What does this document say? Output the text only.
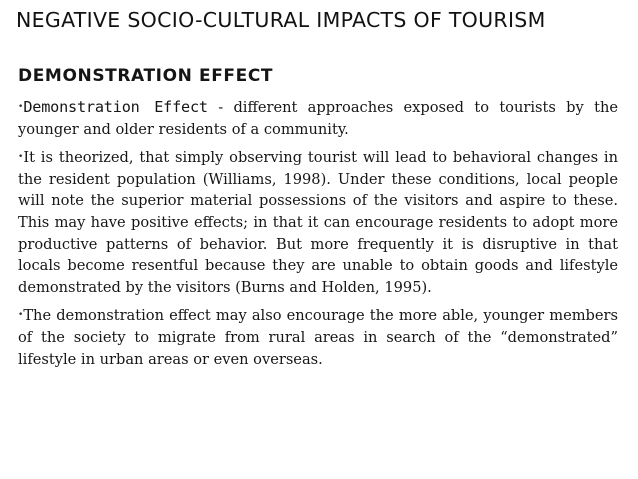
NEGATIVE SOCIO-CULTURAL IMPACTS OF TOURISM
DEMONSTRATION EFFECT

•Demonstration Effect - different approaches exposed to tourists by the younger and older residents of a community.

•It is theorized, that simply observing tourist will lead to behavioral changes in the resident population (Williams, 1998). Under these conditions, local people will note the superior material possessions of the visitors and aspire to these. This may have positive effects; in that it can encourage residents to adopt more productive patterns of behavior. But more frequently it is disruptive in that locals become resentful because they are unable to obtain goods and lifestyle demonstrated by the visitors (Burns and Holden, 1995).

•The demonstration effect may also encourage the more able, younger members of the society to migrate from rural areas in search of the “demonstrated” lifestyle in urban areas or even overseas.
